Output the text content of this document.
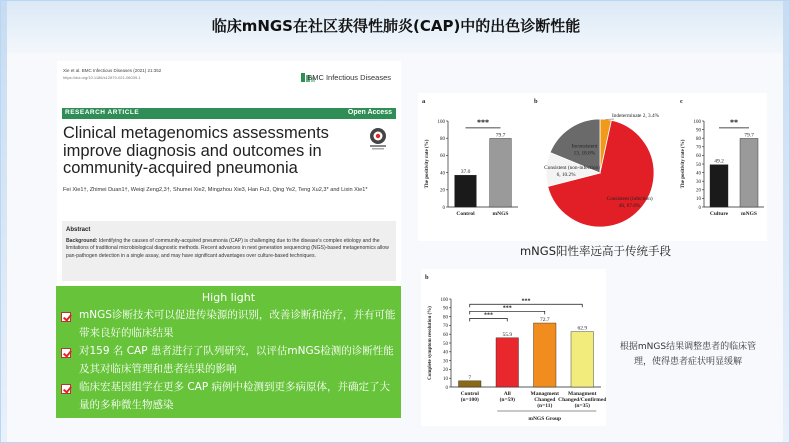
临床mNGS在社区获得性肺炎(CAP)中的出色诊断性能
Xie et al. BMC Infectious Diseases (2021) 21:352
https://doi.org/10.1186/s12879-021-06039-1	BMC Infectious Diseases
RESEARCH ARTICLE	Open Access
Clinical metagenomics assessments improve diagnosis and outcomes in community-acquired pneumonia
Fei Xie1†, Zhimei Duan1†, Weiqi Zeng2,3†, Shumei Xie2, Mingzhou Xie3, Han Fu3, Qing Ye2, Teng Xu2,3* and Lixin Xie1*
Abstract
Background: Identifying the causes of community-acquired pneumonia (CAP) is challenging due to the disease's complex etiology and the limitations of traditional microbiological diagnostic methods. Recent advances in next generation sequencing (NGS)-based metagenomics allow pan-pathogen detection in a single assay, and may have significant advantages over culture-based techniques.
High light
mNGS诊断技术可以促进传染源的识别，改善诊断和治疗，并有可能带来良好的临床结果
对159 名 CAP 患者进行了队列研究，以评估mNGS检测的诊断性能及其对临床管理和患者结果的影响
临床宏基因组学在更多 CAP 病例中检测到更多病原体，并确定了大量的多种微生物感染
a
0
20
40
60
80
100
The positivity rate (%)	37.0
Control
79.7
mNGS
***
b
Consistent (infection)
46, 67.6%
Consistent (non-infection)
6, 10.2%
Inconsistent
13, 18.8%
Indeterminate 2, 3.4%
c
0
10
20
30
40
50
60
70
80
90
100
The positivity rate (%)	49.2
Culture
79.7
mNGS
**
mNGS阳性率远高于传统手段
b
0
10
20
30
40
50
60
70
80
90
100
Complete symptom resolution (%)	7
Control
(n=100)
55.9
All
(n=59)
72.7
Managment
Changed
(n=11)
62.9
Managment
Changed/Confirmed
(n=35)
***
***
***
mNGS Group
根据mNGS结果调整患者的临床管理，使得患者症状明显缓解
